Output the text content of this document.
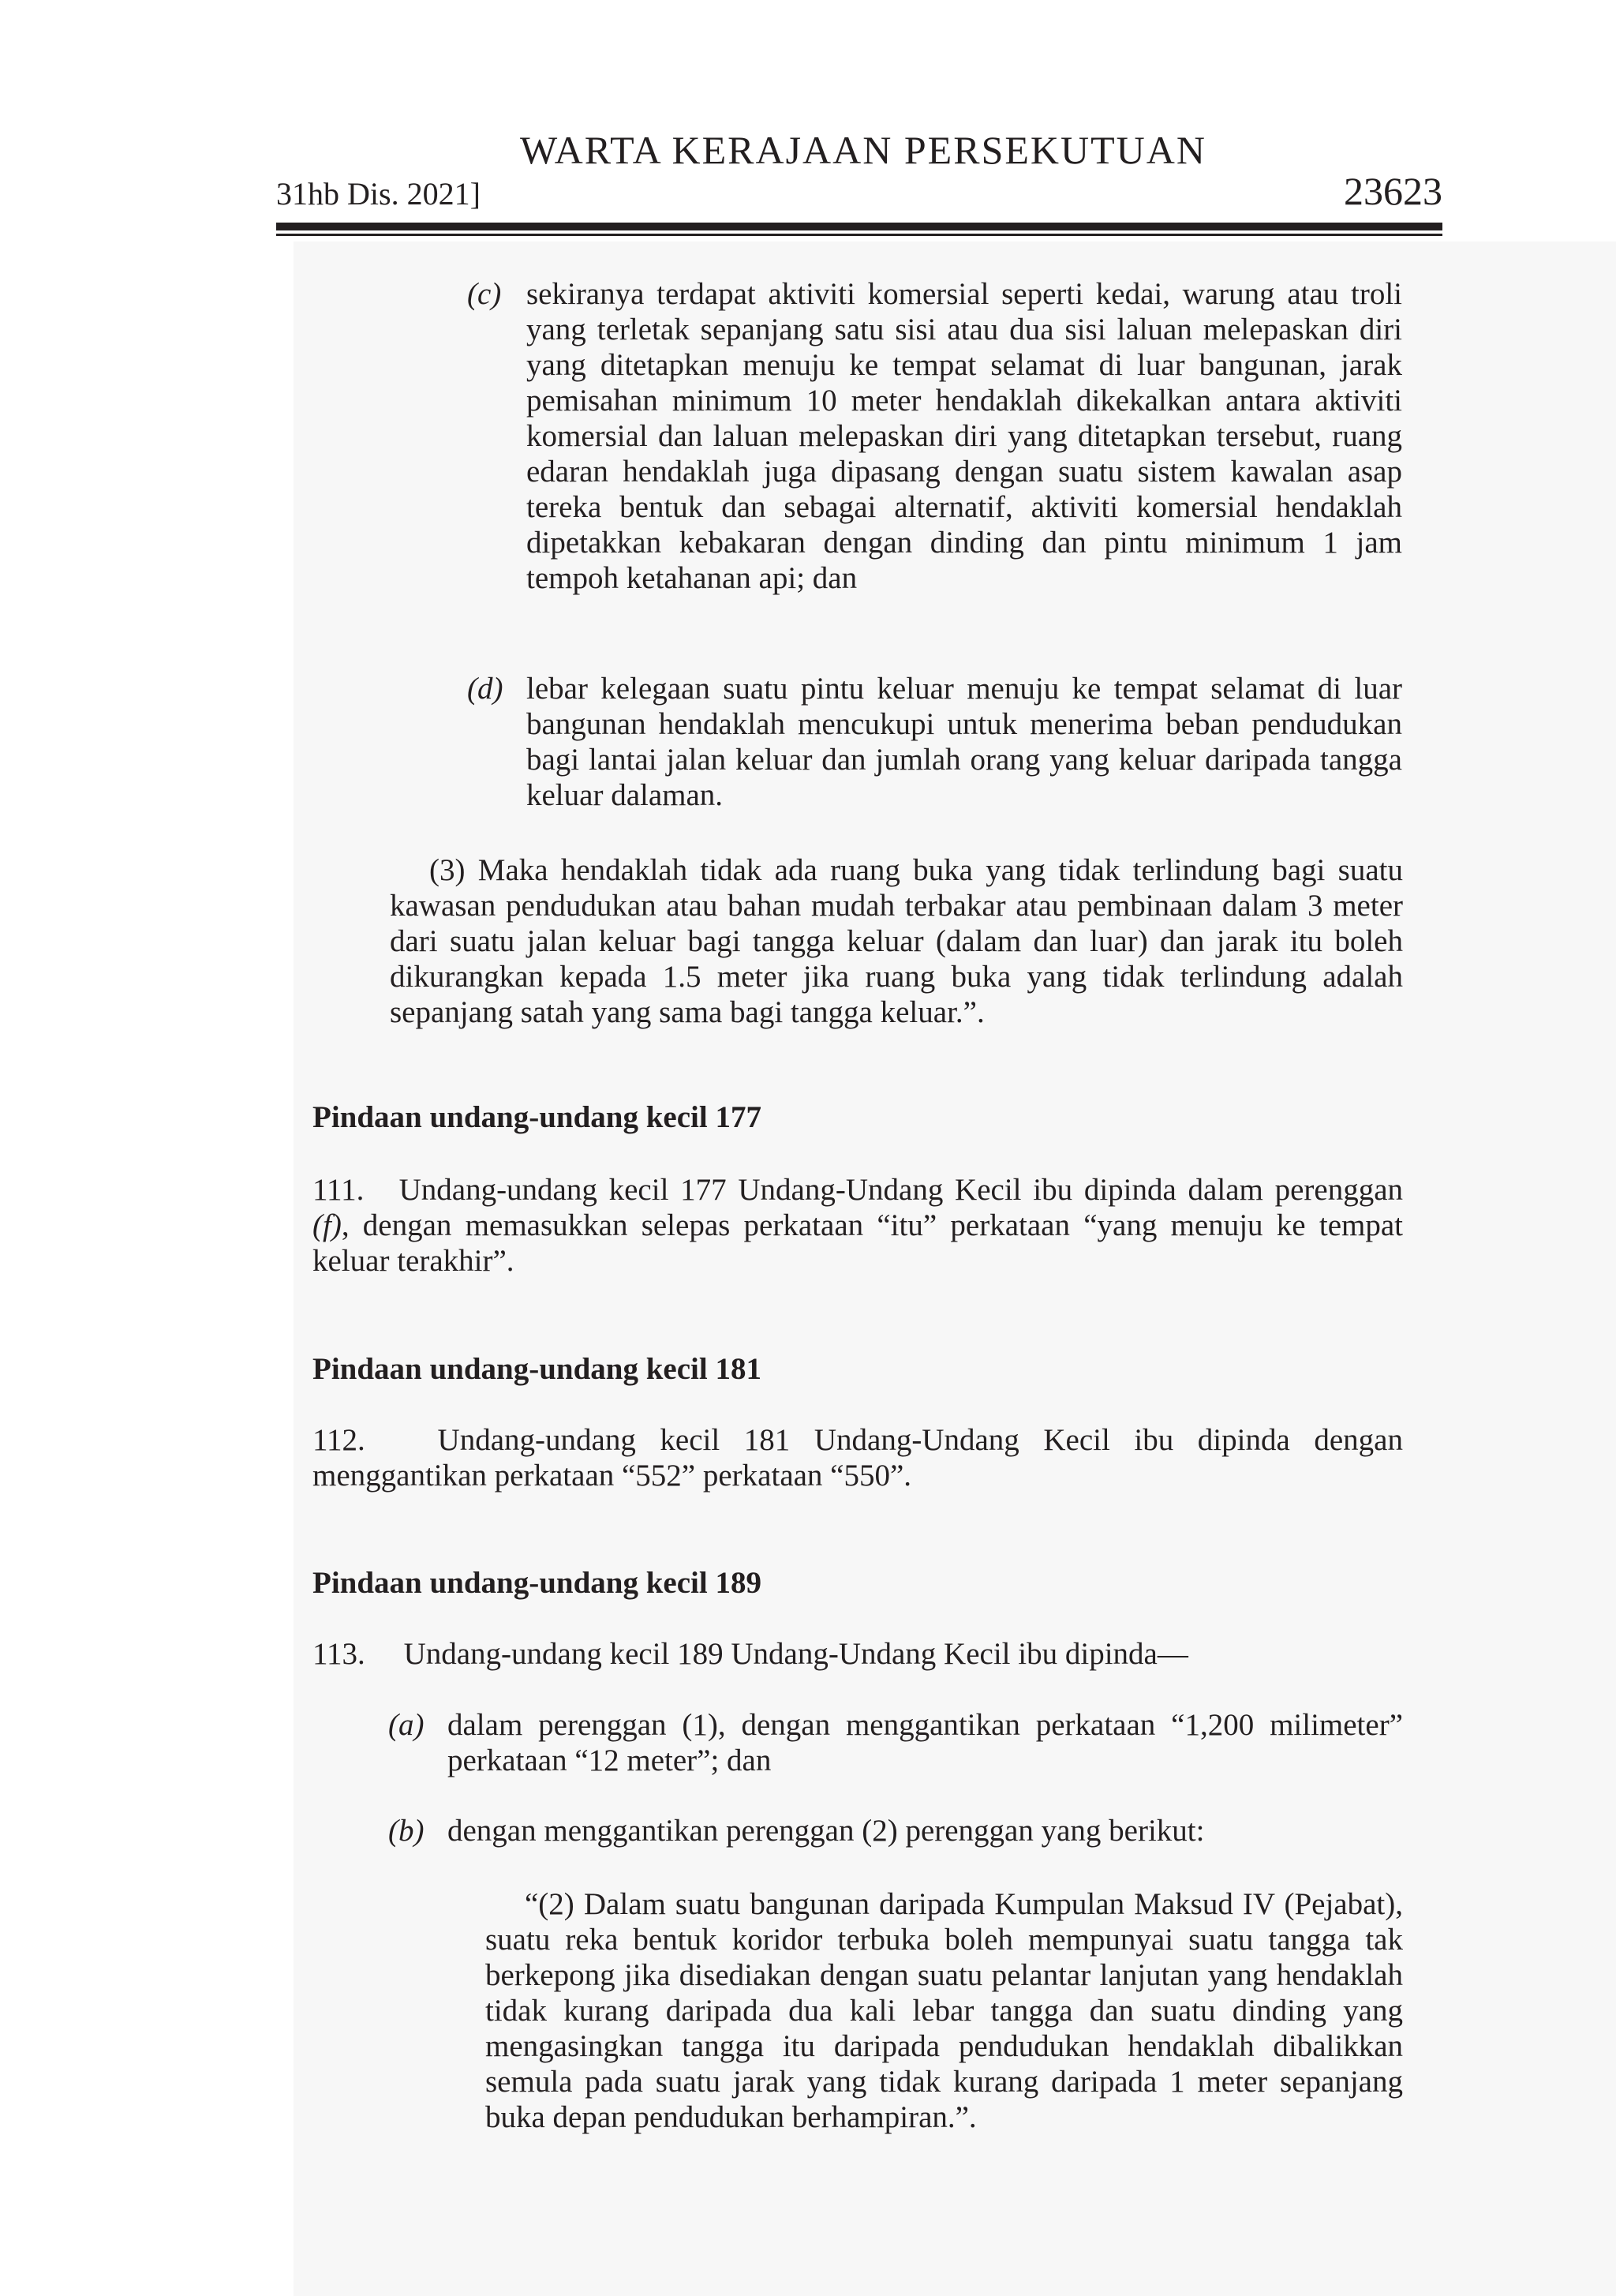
WARTA KERAJAAN PERSEKUTUAN
31hb Dis. 2021]	23623
(c) sekiranya terdapat aktiviti komersial seperti kedai, warung atau troli yang terletak sepanjang satu sisi atau dua sisi laluan melepaskan diri yang ditetapkan menuju ke tempat selamat di luar bangunan, jarak pemisahan minimum 10 meter hendaklah dikekalkan antara aktiviti komersial dan laluan melepaskan diri yang ditetapkan tersebut, ruang edaran hendaklah juga dipasang dengan suatu sistem kawalan asap tereka bentuk dan sebagai alternatif, aktiviti komersial hendaklah dipetakkan kebakaran dengan dinding dan pintu minimum 1 jam tempoh ketahanan api; dan
(d) lebar kelegaan suatu pintu keluar menuju ke tempat selamat di luar bangunan hendaklah mencukupi untuk menerima beban pendudukan bagi lantai jalan keluar dan jumlah orang yang keluar daripada tangga keluar dalaman.
(3) Maka hendaklah tidak ada ruang buka yang tidak terlindung bagi suatu kawasan pendudukan atau bahan mudah terbakar atau pembinaan dalam 3 meter dari suatu jalan keluar bagi tangga keluar (dalam dan luar) dan jarak itu boleh dikurangkan kepada 1.5 meter jika ruang buka yang tidak terlindung adalah sepanjang satah yang sama bagi tangga keluar.”.
Pindaan undang-undang kecil 177
111. Undang-undang kecil 177 Undang-Undang Kecil ibu dipinda dalam perenggan (f), dengan memasukkan selepas perkataan “itu” perkataan “yang menuju ke tempat keluar terakhir”.
Pindaan undang-undang kecil 181
112. Undang-undang kecil 181 Undang-Undang Kecil ibu dipinda dengan menggantikan perkataan “552” perkataan “550”.
Pindaan undang-undang kecil 189
113. Undang-undang kecil 189 Undang-Undang Kecil ibu dipinda—
(a) dalam perenggan (1), dengan menggantikan perkataan “1,200 milimeter” perkataan “12 meter”; dan
(b) dengan menggantikan perenggan (2) perenggan yang berikut:
“(2) Dalam suatu bangunan daripada Kumpulan Maksud IV (Pejabat), suatu reka bentuk koridor terbuka boleh mempunyai suatu tangga tak berkepong jika disediakan dengan suatu pelantar lanjutan yang hendaklah tidak kurang daripada dua kali lebar tangga dan suatu dinding yang mengasingkan tangga itu daripada pendudukan hendaklah dibalikkan semula pada suatu jarak yang tidak kurang daripada 1 meter sepanjang buka depan pendudukan berhampiran.”.
